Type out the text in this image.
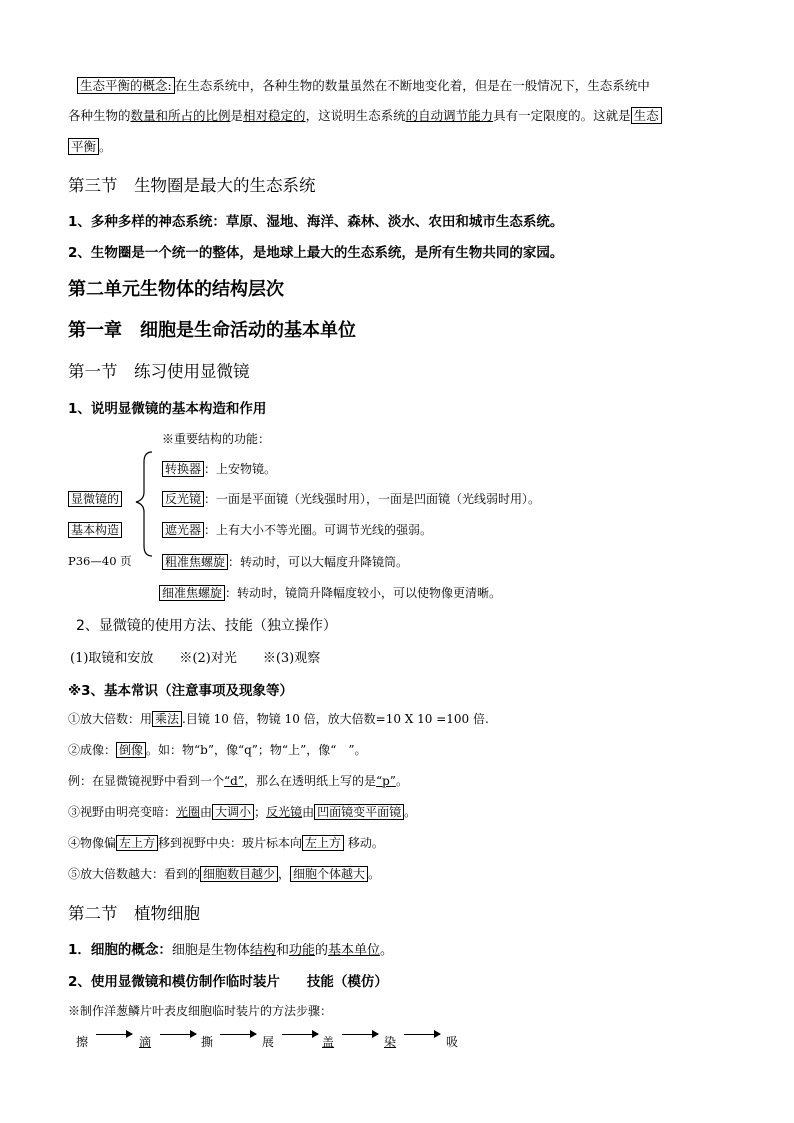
生态平衡的概念: 在生态系统中，各种生物的数量虽然在不断地变化着，但是在一般情况下，生态系统中
各种生物的数量和所占的比例是相对稳定的，这说明生态系统的自动调节能力具有一定限度的。这就是 生态
平衡 。
第三节　生物圈是最大的生态系统
1、多种多样的神态系统：草原、湿地、海洋、森林、淡水、农田和城市生态系统。
2、生物圈是一个统一的整体，是地球上最大的生态系统，是所有生物共同的家园。
第二单元生物体的结构层次
第一章　细胞是生命活动的基本单位
第一节　练习使用显微镜
1、说明显微镜的基本构造和作用
※重要结构的功能：
显微镜的
基本构造
P36—40 页
转换器 ：上安物镜。
反光镜 ：一面是平面镜（光线强时用），一面是凹面镜（光线弱时用）。
遮光器 ：上有大小不等光圈。可调节光线的强弱。
粗准焦螺旋 ：转动时，可以大幅度升降镜筒。
细准焦螺旋 ：转动时，镜筒升降幅度较小，可以使物像更清晰。
2、显微镜的使用方法、技能（独立操作）
(1)取镜和安放　　※(2)对光　　※(3)观察
※3、基本常识（注意事项及现象等）
①放大倍数：用 乘法 .目镜 10 倍，物镜 10 倍，放大倍数=10 X 10 =100 倍.
②成像： 倒像 。如：物“b”，像“q”；物“上”，像“　”。
例：在显微镜视野中看到一个“d”，那么在透明纸上写的是“p”。
③视野由明亮变暗：光圈由 大调小 ；反光镜由 凹面镜变平面镜 。
④物像偏 左上方 移到视野中央：玻片标本向 左上方 移动。
⑤放大倍数越大：看到的 细胞数目越少 ， 细胞个体越大 。
第二节　植物细胞
1．细胞的概念：细胞是生物体结构和功能的基本单位。
2、使用显微镜和模仿制作临时装片　　技能（模仿）
※制作洋葱鳞片叶表皮细胞临时装片的方法步骤：
擦	滴	撕	展	盖	染	吸
